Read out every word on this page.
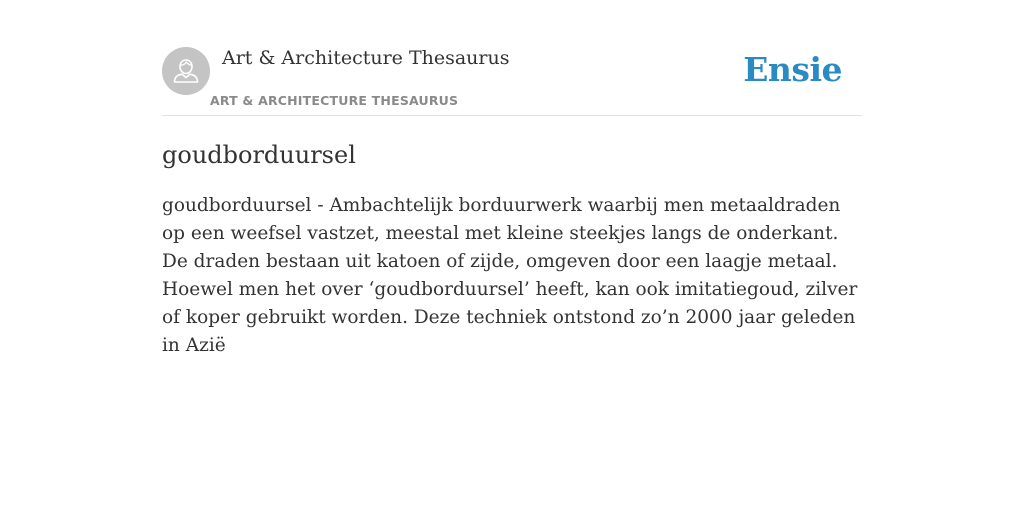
Art & Architecture Thesaurus
ART & ARCHITECTURE THESAURUS
Ensie
goudborduursel

goudborduursel - Ambachtelijk borduurwerk waarbij men metaaldraden op een weefsel vastzet, meestal met kleine steekjes langs de onderkant. De draden bestaan uit katoen of zijde, omgeven door een laagje metaal. Hoewel men het over ‘goudborduursel’ heeft, kan ook imitatiegoud, zilver of koper gebruikt worden. Deze techniek ontstond zo’n 2000 jaar geleden in Azië
